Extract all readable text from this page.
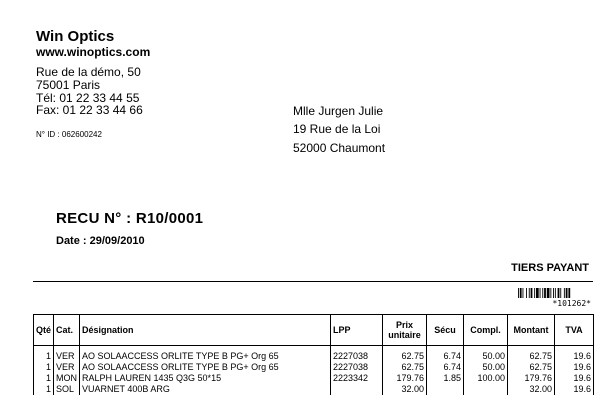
Win Optics
www.winoptics.com
Rue de la démo, 50
75001 Paris
Tél: 01 22 33 44 55
Fax: 01 22 33 44 66
N° ID : 062600242
Mlle Jurgen Julie
19 Rue de la Loi
52000 Chaumont
RECU N° : R10/0001
Date : 29/09/2010
TIERS PAYANT
*101262*
Qté	Cat.	Désignation	LPP	Prix unitaire	Sécu	Compl.	Montant	TVA

1	VER	AO SOLAACCESS ORLITE TYPE B PG+ Org 65	2227038	62.75	6.74	50.00	62.75	19.6
1	VER	AO SOLAACCESS ORLITE TYPE B PG+ Org 65	2227038	62.75	6.74	50.00	62.75	19.6
1	MON	RALPH LAUREN 1435 Q3G 50*15	2223342	179.76	1.85	100.00	179.76	19.6
1	SOL	VUARNET 400B ARG		32.00			32.00	19.6
